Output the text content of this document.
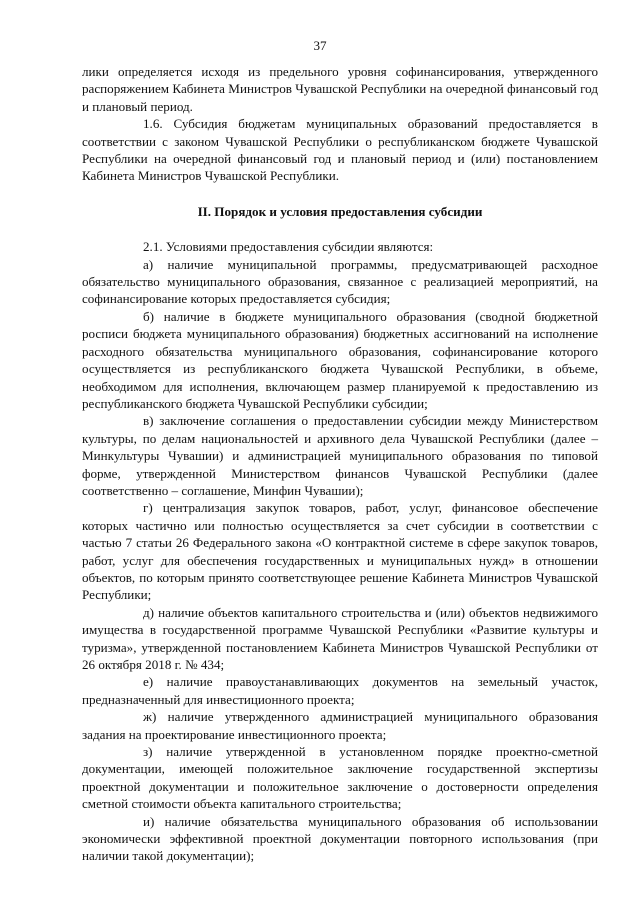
37

лики определяется исходя из предельного уровня софинансирования, утвержденного распоряжением Кабинета Министров Чувашской Республики на очередной финансовый год и плановый период.

1.6. Субсидия бюджетам муниципальных образований предоставляется в соответствии с законом Чувашской Республики о республиканском бюджете Чувашской Республики на очередной финансовый год и плановый период и (или) постановлением Кабинета Министров Чувашской Республики.

II. Порядок и условия предоставления субсидии

2.1. Условиями предоставления субсидии являются:

а) наличие муниципальной программы, предусматривающей расходное обязательство муниципального образования, связанное с реализацией мероприятий, на софинансирование которых предоставляется субсидия;

б) наличие в бюджете муниципального образования (сводной бюджетной росписи бюджета муниципального образования) бюджетных ассигнований на исполнение расходного обязательства муниципального образования, софинансирование которого осуществляется из республиканского бюджета Чувашской Республики, в объеме, необходимом для исполнения, включающем размер планируемой к предоставлению из республиканского бюджета Чувашской Республики субсидии;

в) заключение соглашения о предоставлении субсидии между Министерством культуры, по делам национальностей и архивного дела Чувашской Республики (далее – Минкультуры Чувашии) и администрацией муниципального образования по типовой форме, утвержденной Министерством финансов Чувашской Республики (далее соответственно – соглашение, Минфин Чувашии);

г) централизация закупок товаров, работ, услуг, финансовое обеспечение которых частично или полностью осуществляется за счет субсидии в соответствии с частью 7 статьи 26 Федерального закона «О контрактной системе в сфере закупок товаров, работ, услуг для обеспечения государственных и муниципальных нужд» в отношении объектов, по которым принято соответствующее решение Кабинета Министров Чувашской Республики;

д) наличие объектов капитального строительства и (или) объектов недвижимого имущества в государственной программе Чувашской Республики «Развитие культуры и туризма», утвержденной постановлением Кабинета Министров Чувашской Республики от 26 октября 2018 г. № 434;

е) наличие правоустанавливающих документов на земельный участок, предназначенный для инвестиционного проекта;

ж) наличие утвержденного администрацией муниципального образования задания на проектирование инвестиционного проекта;

з) наличие утвержденной в установленном порядке проектно-сметной документации, имеющей положительное заключение государственной экспертизы проектной документации и положительное заключение о достоверности определения сметной стоимости объекта капитального строительства;

и) наличие обязательства муниципального образования об использовании экономически эффективной проектной документации повторного использования (при наличии такой документации);
